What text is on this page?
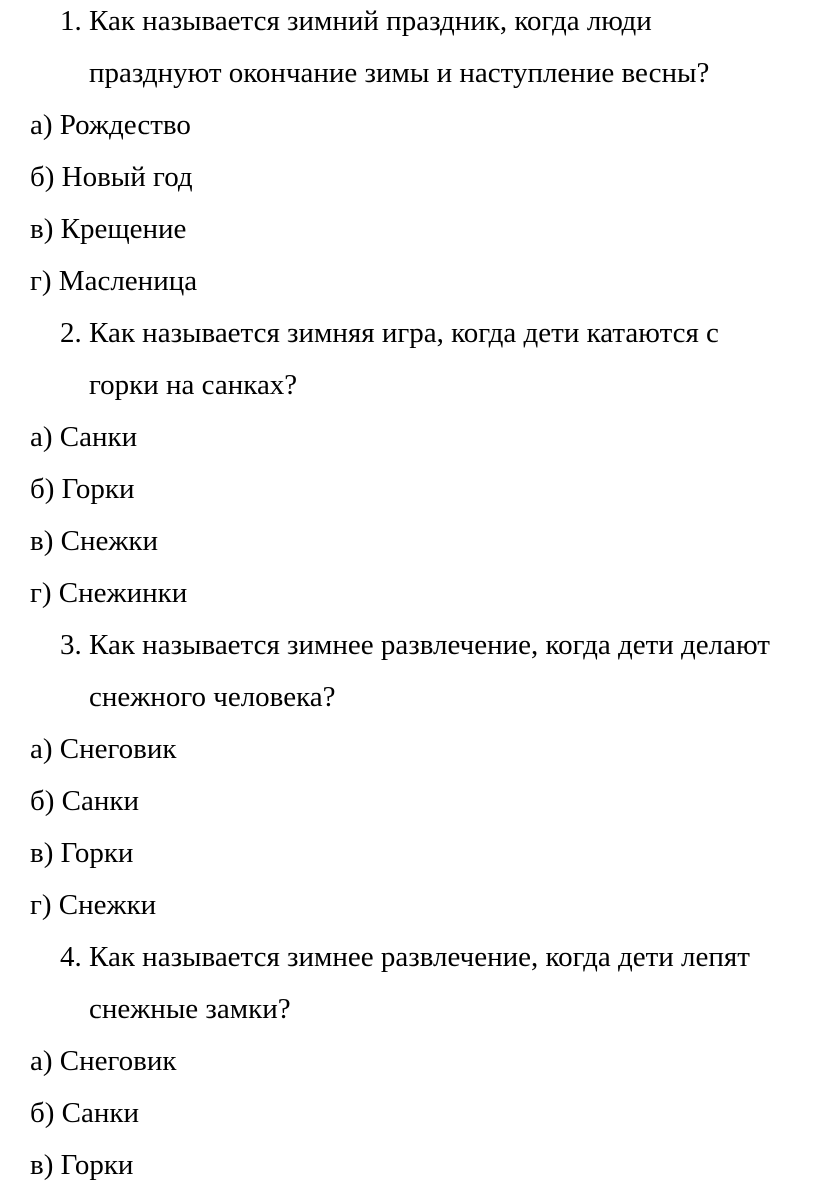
1. Как называется зимний праздник, когда люди
празднуют окончание зимы и наступление весны?
а) Рождество
б) Новый год
в) Крещение
г) Масленица
2. Как называется зимняя игра, когда дети катаются с
горки на санках?
а) Санки
б) Горки
в) Снежки
г) Снежинки
3. Как называется зимнее развлечение, когда дети делают
снежного человека?
а) Снеговик
б) Санки
в) Горки
г) Снежки
4. Как называется зимнее развлечение, когда дети лепят
снежные замки?
а) Снеговик
б) Санки
в) Горки
